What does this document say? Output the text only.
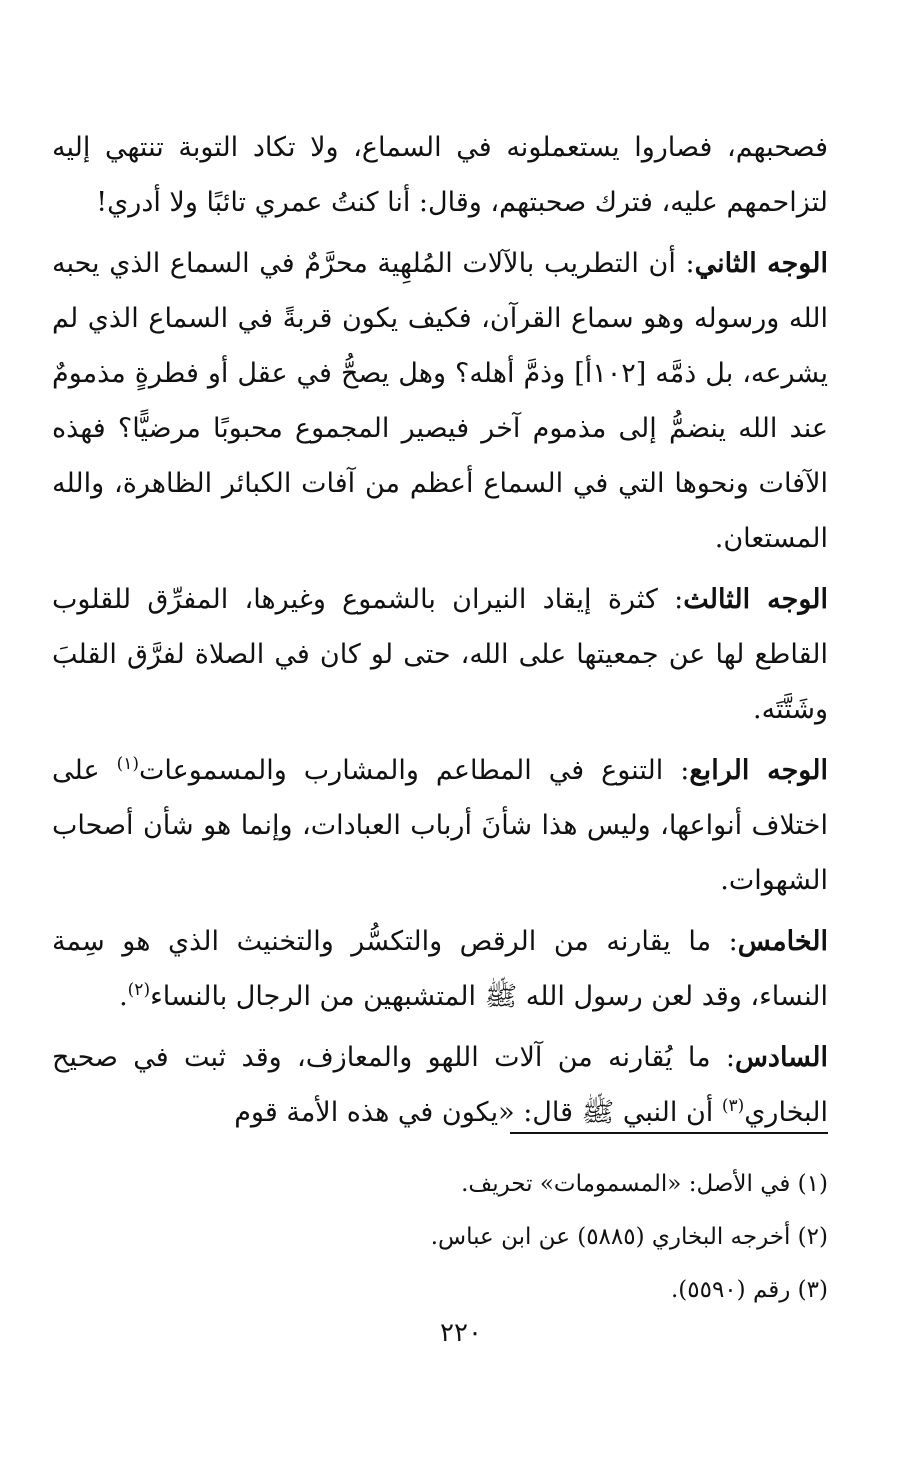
فصحبهم، فصاروا يستعملونه في السماع، ولا تكاد التوبة تنتهي إليه لتزاحمهم عليه، فترك صحبتهم، وقال: أنا كنتُ عمري تائبًا ولا أدري!

الوجه الثاني: أن التطريب بالآلات المُلهِية محرَّمٌ في السماع الذي يحبه الله ورسوله وهو سماع القرآن، فكيف يكون قربةً في السماع الذي لم يشرعه، بل ذمَّه [١٠٢أ] وذمَّ أهله؟ وهل يصحُّ في عقل أو فطرةٍ مذمومٌ عند الله ينضمُّ إلى مذموم آخر فيصير المجموع محبوبًا مرضيًّا؟ فهذه الآفات ونحوها التي في السماع أعظم من آفات الكبائر الظاهرة، والله المستعان.

الوجه الثالث: كثرة إيقاد النيران بالشموع وغيرها، المفرِّق للقلوب القاطع لها عن جمعيتها على الله، حتى لو كان في الصلاة لفرَّق القلبَ وشَتَّتَه.

الوجه الرابع: التنوع في المطاعم والمشارب والمسموعات$^{(١)}$ على اختلاف أنواعها، وليس هذا شأنَ أرباب العبادات، وإنما هو شأن أصحاب الشهوات.

الخامس: ما يقارنه من الرقص والتكسُّر والتخنيث الذي هو سِمة النساء، وقد لعن رسول الله ﷺ المتشبهين من الرجال بالنساء$^{(٢)}$.

السادس: ما يُقارنه من آلات اللهو والمعازف، وقد ثبت في صحيح البخاري$^{(٣)}$ أن النبي ﷺ قال: «يكون في هذه الأمة قوم

(١) في الأصل: «المسمومات» تحريف.

(٢) أخرجه البخاري (٥٨٨٥) عن ابن عباس.

(٣) رقم (٥٥٩٠).

٢٢٠
